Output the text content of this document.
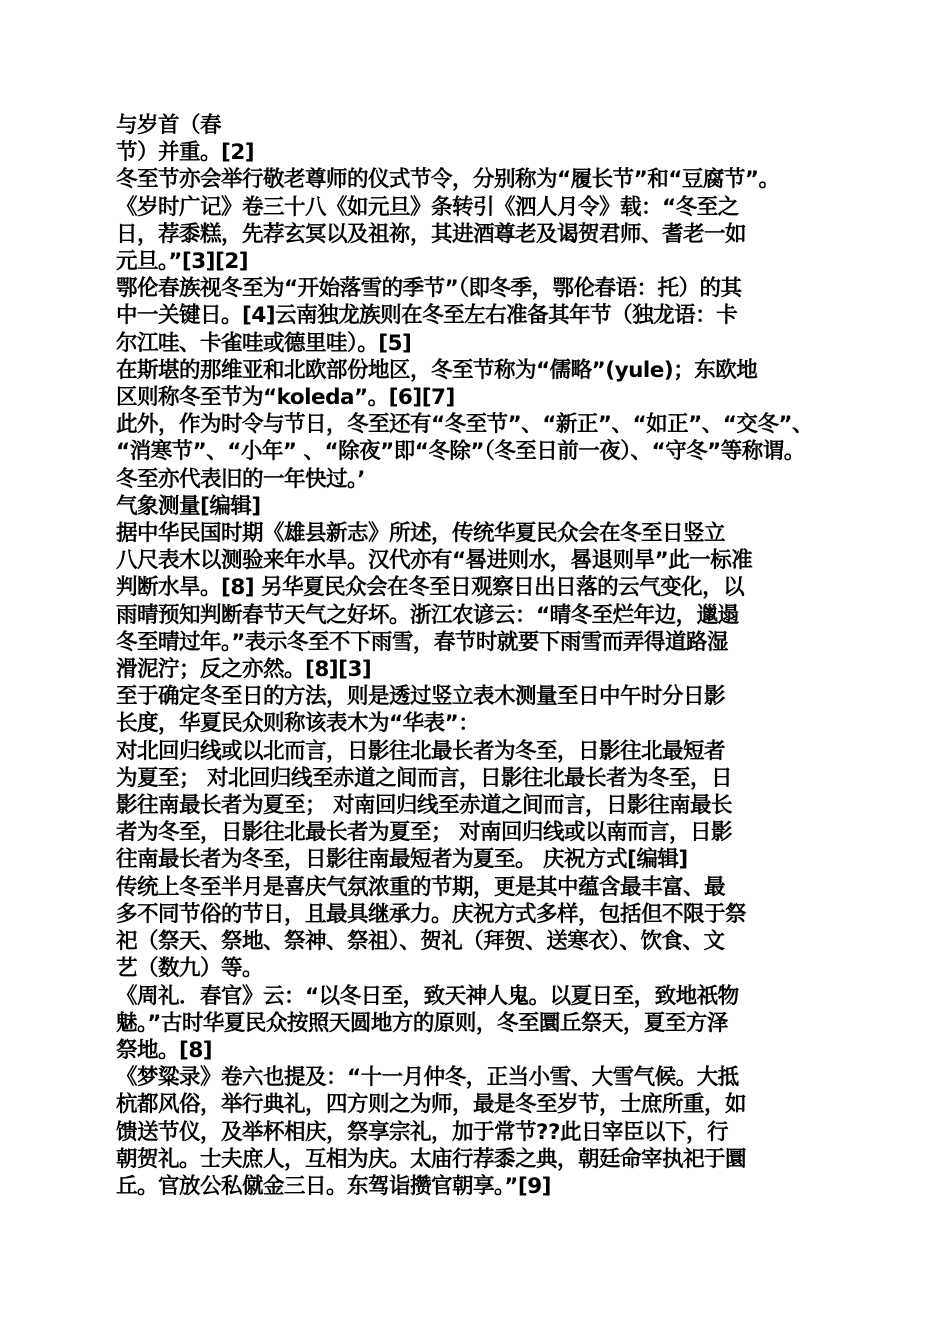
与岁首（春
节）并重。[2]
冬至节亦会举行敬老尊师的仪式节令，分别称为“履长节”和“豆腐节”。
《岁时广记》卷三十八《如元旦》条转引《泗人月令》载：“冬至之
日，荐黍糕，先荐玄冥以及祖祢，其进酒尊老及谒贺君师、耆老一如
元旦。”[3][2]
鄂伦春族视冬至为“开始落雪的季节”（即冬季，鄂伦春语：托）的其
中一关键日。[4]云南独龙族则在冬至左右准备其年节（独龙语：卡
尔江哇、卡雀哇或德里哇）。[5]
在斯堪的那维亚和北欧部份地区，冬至节称为“儒略”(yule)；东欧地
区则称冬至节为“koleda”。[6][7]
此外，作为时令与节日，冬至还有“冬至节”、“新正”、“如正”、“交冬”、
“消寒节”、“小年” 、“除夜”即“冬除”（冬至日前一夜）、“守冬”等称谓。
冬至亦代表旧的一年快过。’
气象测量[编辑]
据中华民国时期《雄县新志》所述，传统华夏民众会在冬至日竖立
八尺表木以测验来年水旱。汉代亦有“晷进则水，晷退则旱”此一标准
判断水旱。[8] 另华夏民众会在冬至日观察日出日落的云气变化，以
雨晴预知判断春节天气之好坏。浙江农谚云：“晴冬至烂年边，邋遢
冬至晴过年。”表示冬至不下雨雪，春节时就要下雨雪而弄得道路湿
滑泥泞；反之亦然。[8][3]
至于确定冬至日的方法，则是透过竖立表木测量至日中午时分日影
长度，华夏民众则称该表木为“华表”：
对北回归线或以北而言，日影往北最长者为冬至，日影往北最短者
为夏至； 对北回归线至赤道之间而言，日影往北最长者为冬至，日
影往南最长者为夏至； 对南回归线至赤道之间而言，日影往南最长
者为冬至，日影往北最长者为夏至； 对南回归线或以南而言，日影
往南最长者为冬至，日影往南最短者为夏至。 庆祝方式[编辑]
传统上冬至半月是喜庆气氛浓重的节期，更是其中蕴含最丰富、最
多不同节俗的节日，且最具继承力。庆祝方式多样，包括但不限于祭
祀（祭天、祭地、祭神、祭祖）、贺礼（拜贺、送寒衣）、饮食、文
艺（数九）等。
《周礼．春官》云：“以冬日至，致天神人鬼。以夏日至，致地祇物
魅。”古时华夏民众按照天圆地方的原则，冬至圜丘祭天，夏至方泽
祭地。[8]
《梦粱录》卷六也提及：“十一月仲冬，正当小雪、大雪气候。大抵
杭都风俗，举行典礼，四方则之为师，最是冬至岁节，士庶所重，如
馈送节仪，及举杯相庆，祭享宗礼，加于常节??此日宰臣以下，行
朝贺礼。士夫庶人，互相为庆。太庙行荐黍之典，朝廷命宰执祀于圜
丘。官放公私僦金三日。东驾诣攒官朝享。”[9]
